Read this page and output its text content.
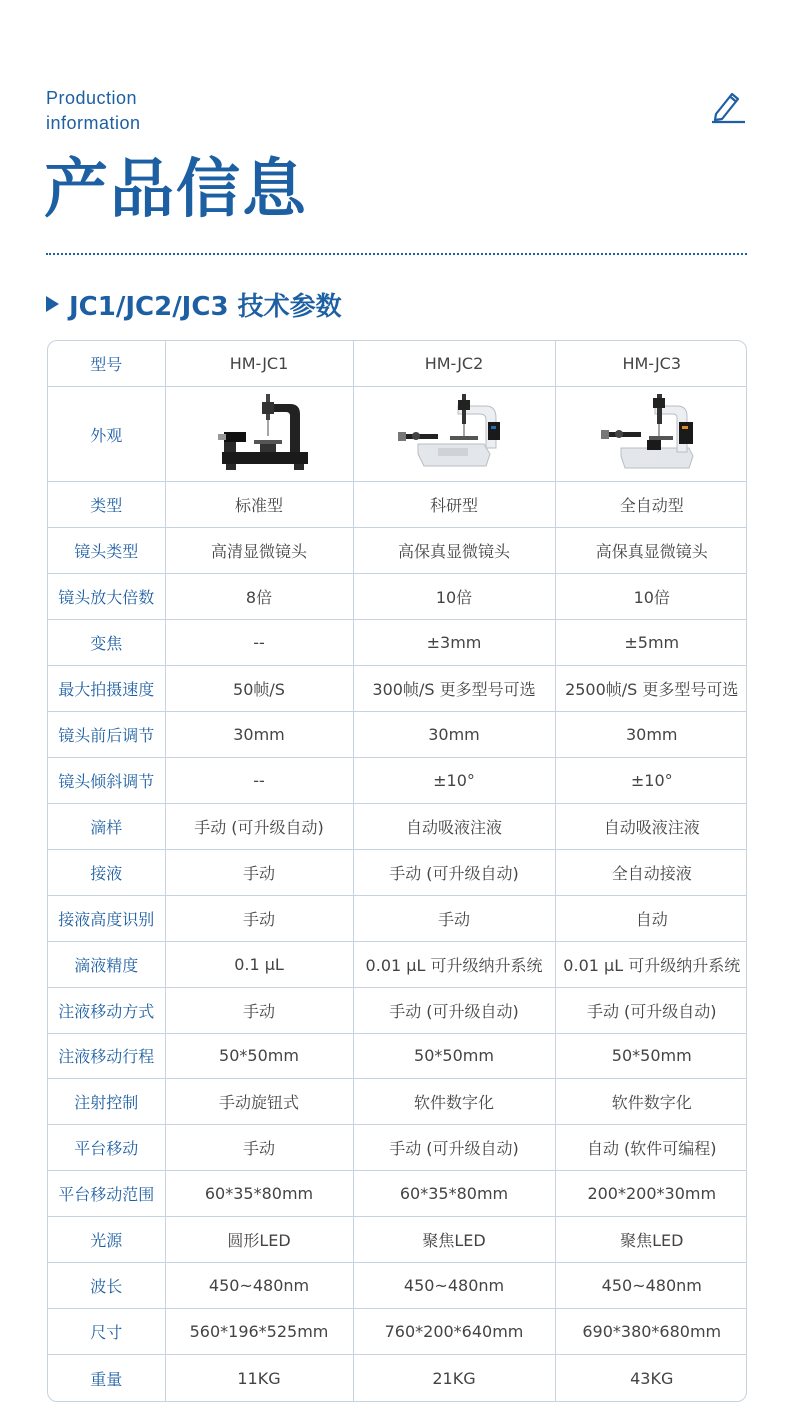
Production
information
产品信息
JC1/JC2/JC3 技术参数
型号	HM-JC1	HM-JC2	HM-JC3
外观	

类型	标准型	科研型	全自动型
镜头类型	高清显微镜头	高保真显微镜头	高保真显微镜头
镜头放大倍数	8倍	10倍	10倍
变焦	--	±3mm	±5mm
最大拍摄速度	50帧/S	300帧/S 更多型号可选	2500帧/S 更多型号可选
镜头前后调节	30mm	30mm	30mm
镜头倾斜调节	--	±10°	±10°
滴样	手动 (可升级自动)	自动吸液注液	自动吸液注液
接液	手动	手动 (可升级自动)	全自动接液
接液高度识别	手动	手动	自动
滴液精度	0.1 μL	0.01 μL 可升级纳升系统	0.01 μL 可升级纳升系统
注液移动方式	手动	手动 (可升级自动)	手动 (可升级自动)
注液移动行程	50*50mm	50*50mm	50*50mm
注射控制	手动旋钮式	软件数字化	软件数字化
平台移动	手动	手动 (可升级自动)	自动 (软件可编程)
平台移动范围	60*35*80mm	60*35*80mm	200*200*30mm
光源	圆形LED	聚焦LED	聚焦LED
波长	450~480nm	450~480nm	450~480nm
尺寸	560*196*525mm	760*200*640mm	690*380*680mm
重量	11KG	21KG	43KG
